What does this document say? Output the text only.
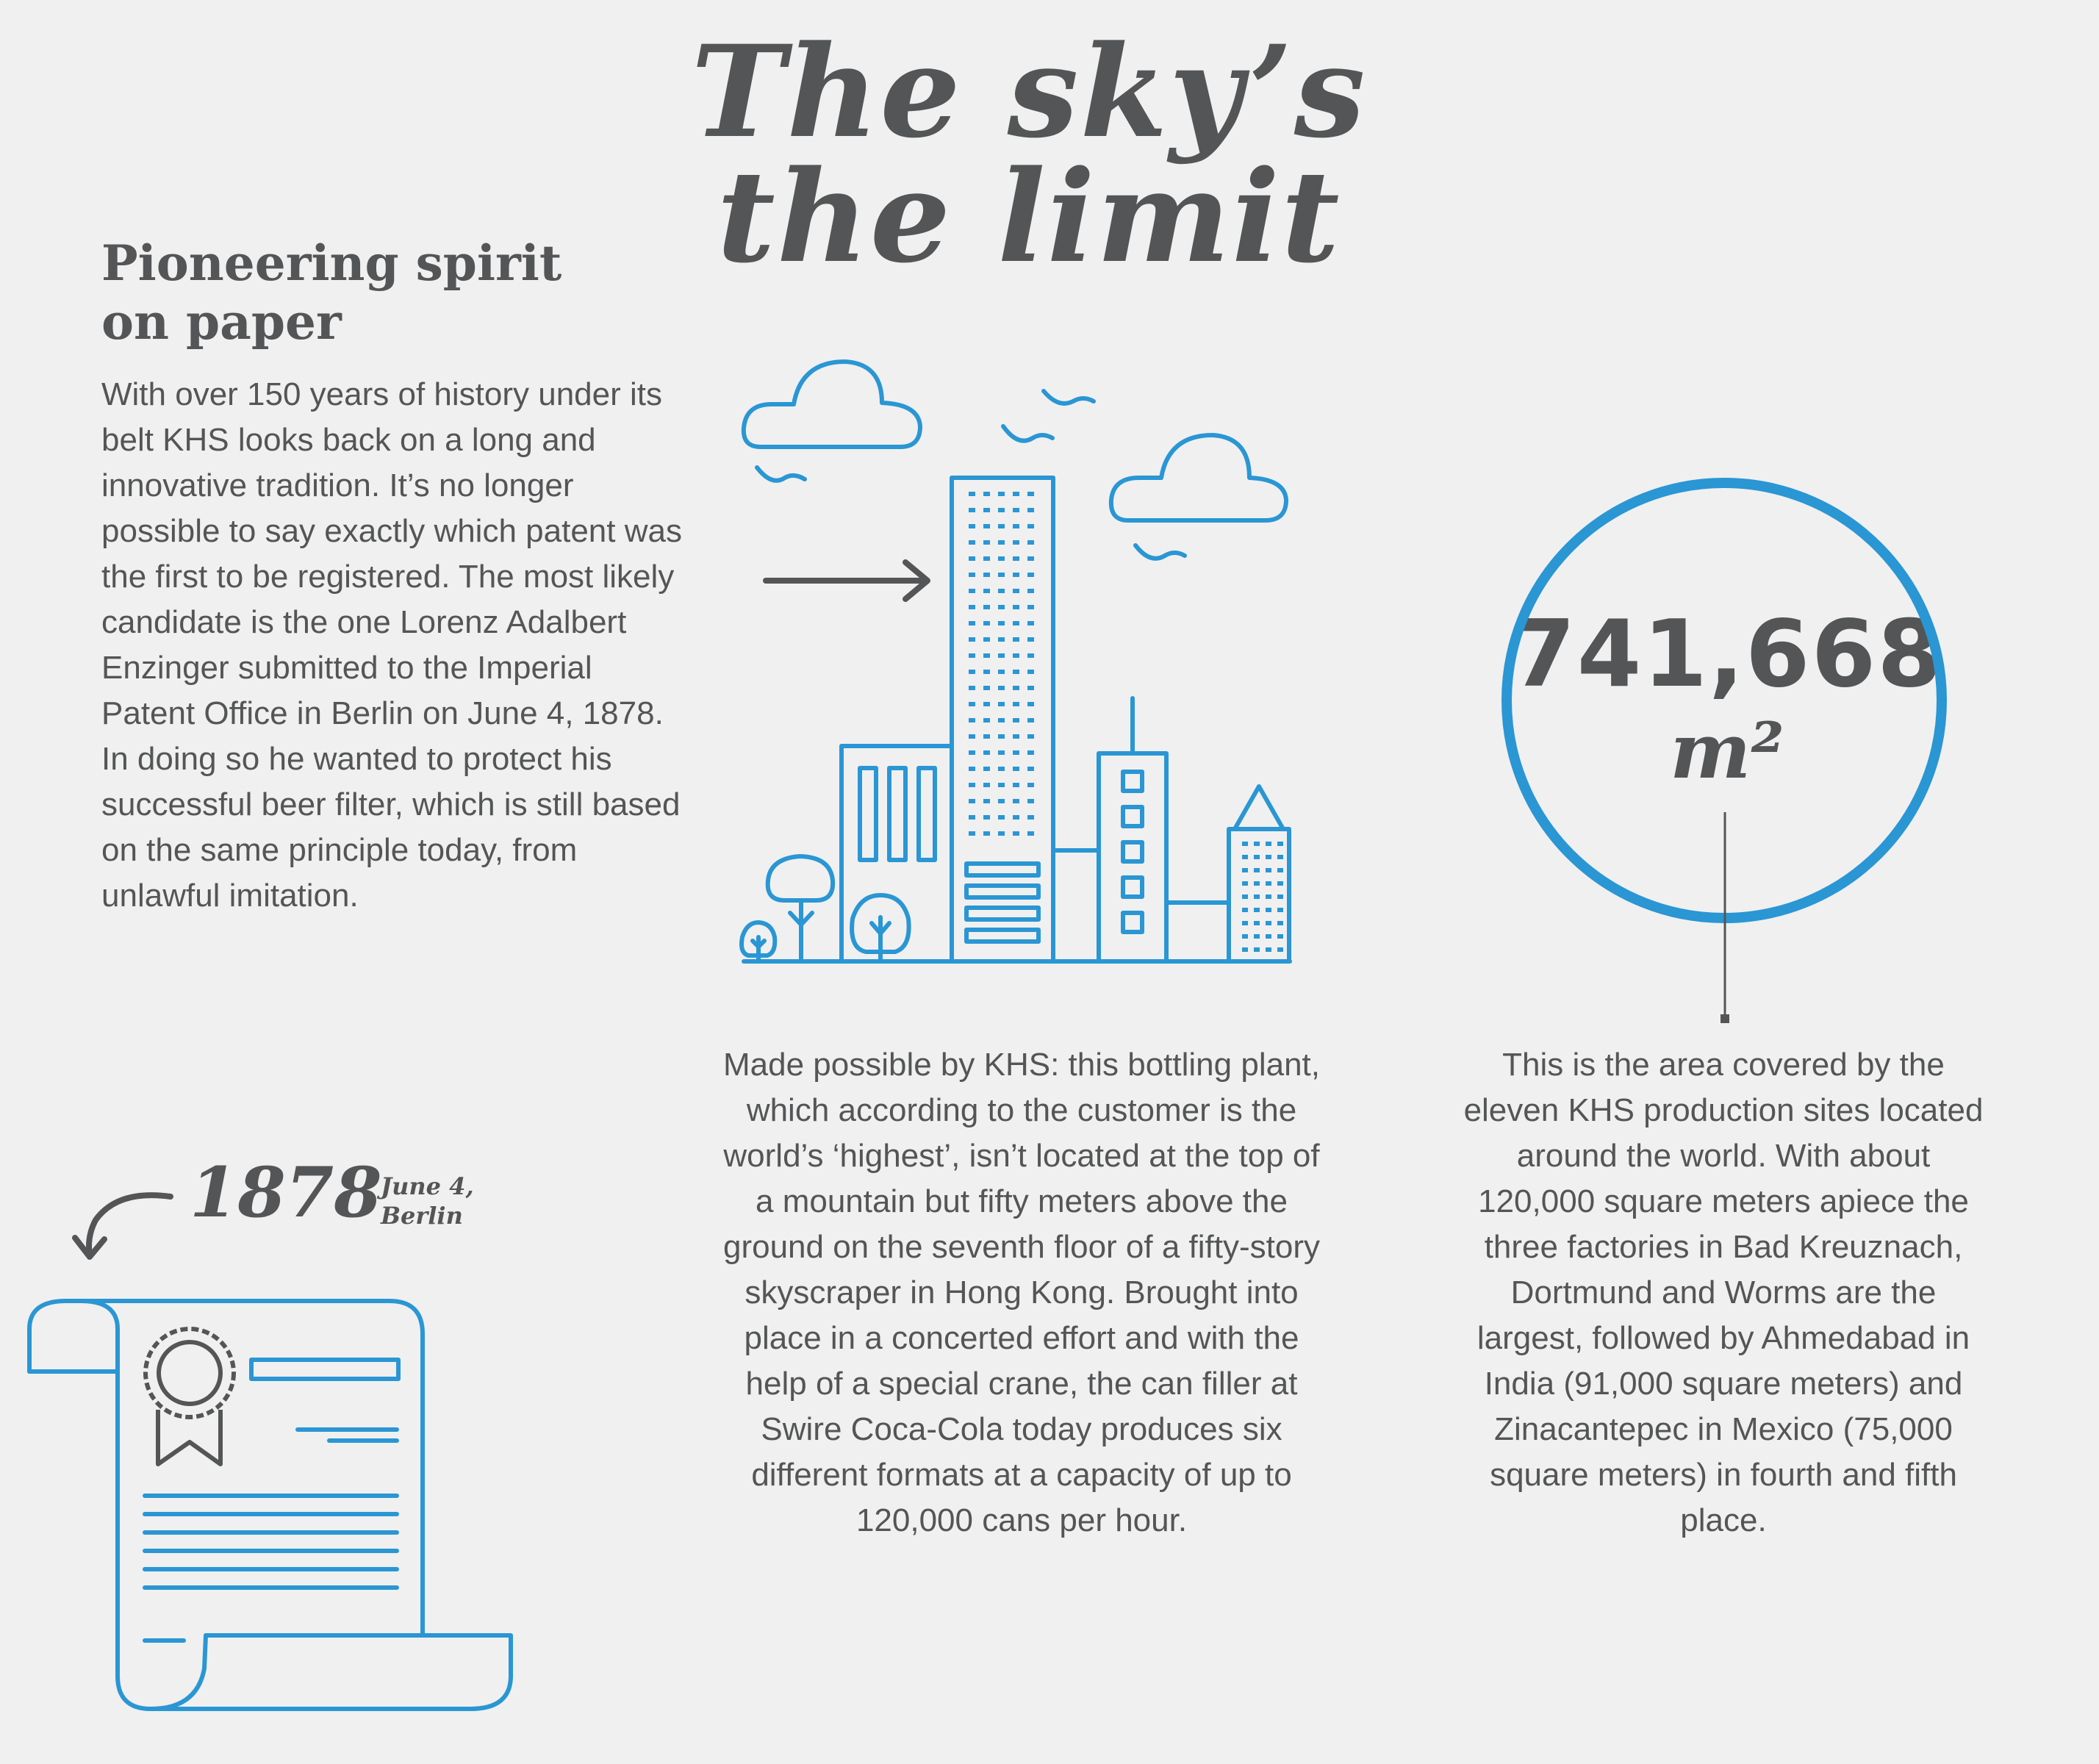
The sky’s
the limit
Pioneering spirit
on paper
With over 150 years of history under its belt KHS looks back on a long and innovative tradition. It’s no longer possible to say exactly which patent was the first to be registered. The most likely candidate is the one Lorenz Adalbert Enzinger submitted to the Imperial Patent Office in Berlin on June 4, 1878. In doing so he wanted to protect his successful beer filter, which is still based on the same principle today, from unlawful imitation.
Made possible by KHS: this bottling plant, which according to the customer is the world’s ‘highest’, isn’t located at the top of a mountain but fifty meters above the ground on the seventh floor of a fifty-story skyscraper in Hong Kong. Brought into place in a concerted effort and with the help of a special crane, the can filler at Swire Coca-Cola today produces six different formats at a capacity of up to 120,000 cans per hour.
This is the area covered by the eleven KHS production sites located around the world. With about 120,000 square meters apiece the three factories in Bad Kreuznach, Dortmund and Worms are the largest, followed by Ahmedabad in India (91,000 square meters) and Zinacantepec in Mexico (75,000 square meters) in fourth and fifth place.
741,668
m²
1878
June 4,
Berlin
